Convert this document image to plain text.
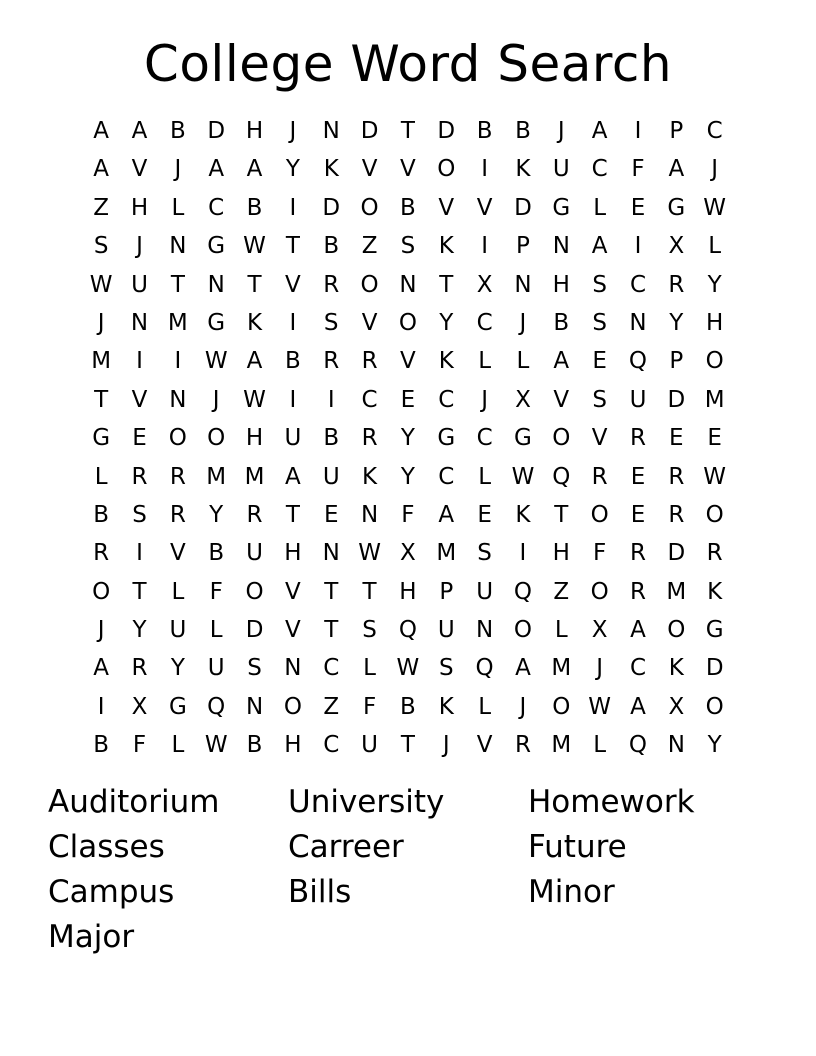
College Word Search
A A B D H	J	N D T D B B	J	A	I	P	C
A V	J	A A	Y	K V V O	I	K U C	F	A	J
Z H	L	C B	I	D O B V V D G	L	E G W
S	J	N G W T	B Z	S	K	I	P N A	I	X	L
W U T N T	V R O N T	X N H S	C R	Y
J	N M G K	I	S	V O Y	C	J	B	S N Y H
M	I	I	W A B R R V K	L	L	A	E Q P O
T	V N	J	W	I	I	C	E	C	J	X V	S U D M
G E O O H U B R	Y G C G O V R	E	E
L	R R M M A U K	Y	C	L W Q R	E	R W
B	S	R	Y	R	T	E N	F	A	E	K	T O E	R O
R	I	V B U H N W X M S	I	H	F	R D R
O T	L	F O V	T	T H P U Q Z O R M K
J	Y U	L	D V	T	S Q U N O L	X A O G
A R	Y U S N C	L W S Q A M	J	C K D
I	X G Q N O Z	F	B K	L	J	O W A X O
B	F	L W B H C U T	J	V R M L Q N Y
Auditorium	University	Homework
Classes	Carreer	Future
Campus	Bills	Minor
Major
